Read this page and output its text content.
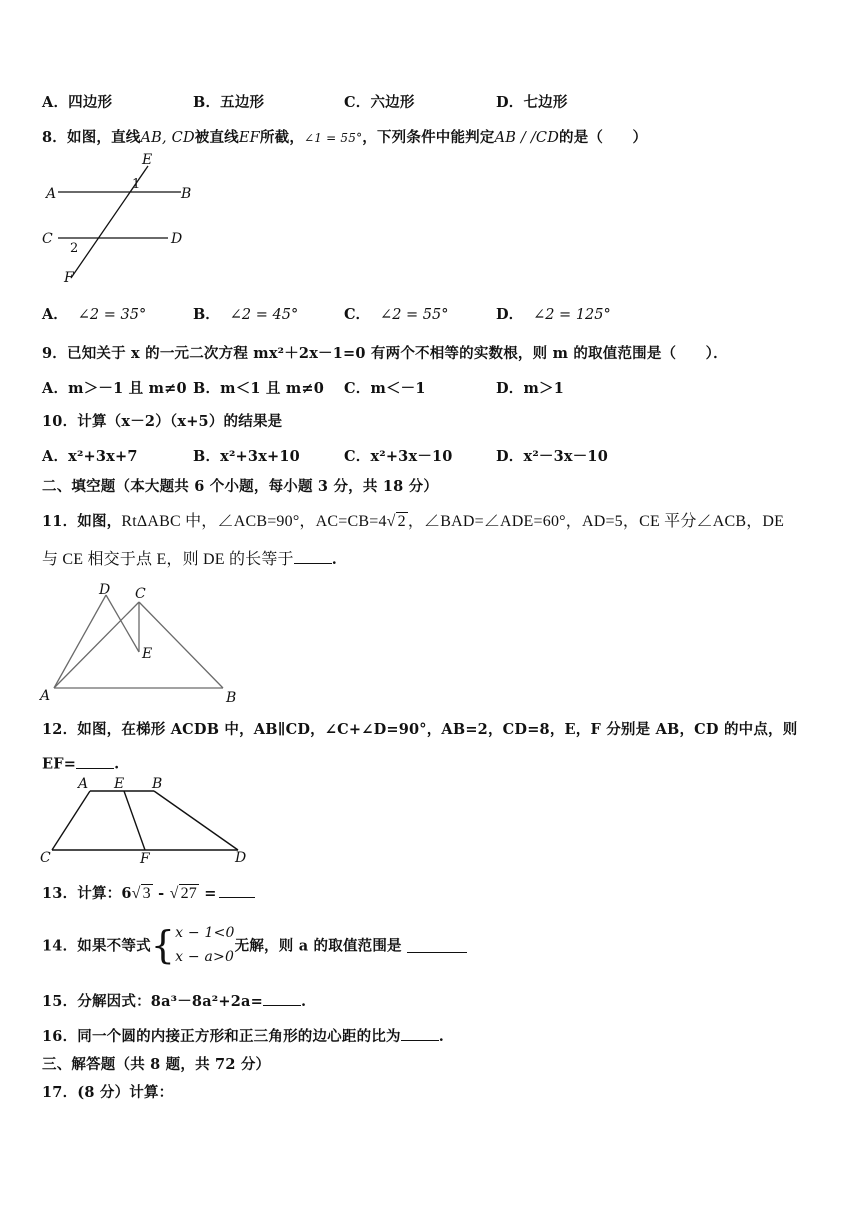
A．四边形	B．五边形	C．六边形	D．七边形
8．如图，直线AB, CD被直线EF所截，∠1 = 55°，下列条件中能判定AB / /CD的是（　　）
A	B
C	D
E
F
1
2
A． ∠2 = 35°	B． ∠2 = 45°	C． ∠2 = 55°	D． ∠2 = 125°
9．已知关于 x 的一元二次方程 mx²＋2x－1=0 有两个不相等的实数根，则 m 的取值范围是（　　）．
A．m＞－1 且 m≠0 B．m＜1 且 m≠0 C．m＜－1	D．m＞1
10．计算（x－2）（x+5）的结果是
A．x²+3x+7	B．x²+3x+10	C．x²+3x－10	D．x²－3x－10
二、填空题（本大题共 6 个小题，每小题 3 分，共 18 分）
11．如图，RtΔABC 中，∠ACB=90°，AC=CB=4√ 2 ，∠BAD=∠ADE=60°，AD=5，CE 平分∠ACB，DE
与 CE 相交于点 E，则 DE 的长等于	.
A	B
C
D
E
12．如图，在梯形 ACDB 中，AB∥CD，∠C+∠D=90°，AB=2，CD=8，E，F 分别是 AB，CD 的中点，则
EF=	.
A E B
C	F	D
13．计算：6√ 3 - √ 27 =
14．如果不等式{x − 1<0
x − a>0无解，则 a 的取值范围是
15．分解因式：8a³－8a²+2a=	.
16．同一个圆的内接正方形和正三角形的边心距的比为	.
三、解答题（共 8 题，共 72 分）
17．(8 分）计算：
